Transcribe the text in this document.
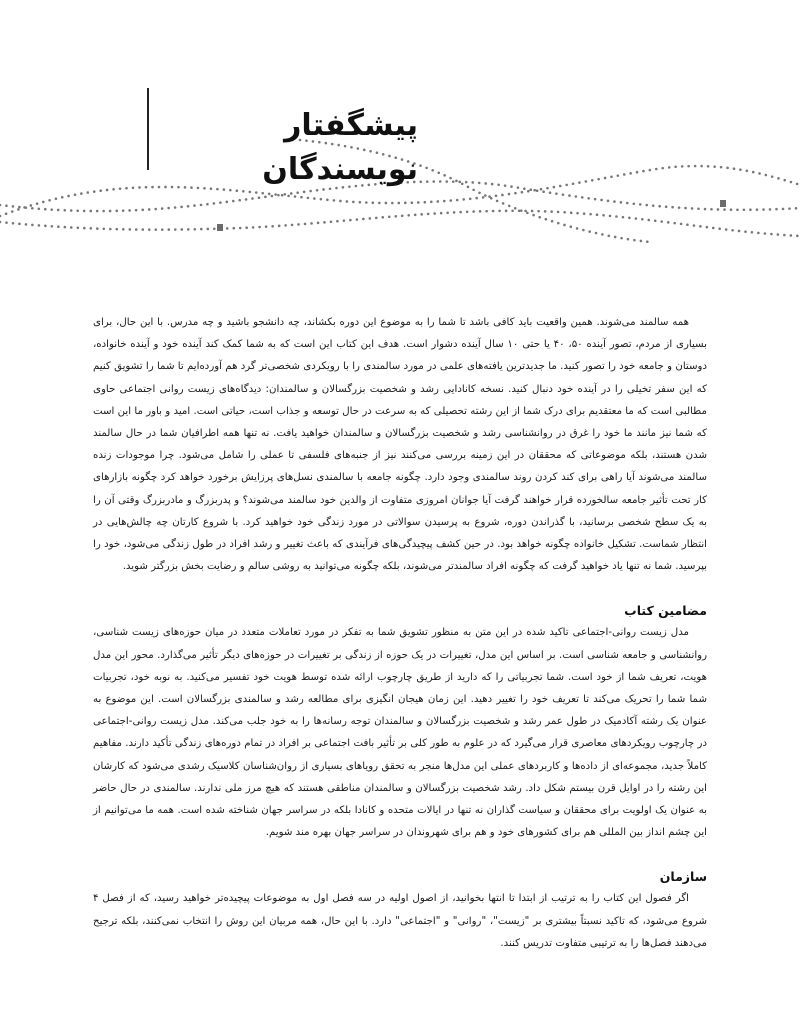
پیشگفتار نویسندگان

همه سالمند می‌شوند. همین واقعیت باید کافی باشد تا شما را به موضوع این دوره بکشاند، چه دانشجو باشید و چه مدرس. با این حال، برای بسیاری از مردم، تصور آینده ۵۰، ۴۰ یا حتی ۱۰ سال آینده دشوار است. هدف این کتاب این است که به شما کمک کند آینده خود و آینده خانواده، دوستان و جامعه خود را تصور کنید. ما جدیدترین یافته‌های علمی در مورد سالمندی را با رویکردی شخصی‌تر گرد هم آورده‌ایم تا شما را تشویق کنیم که این سفر تخیلی را در آینده خود دنبال کنید. نسخه کانادایی رشد و شخصیت بزرگسالان و سالمندان: دیدگاه‌های زیست روانی اجتماعی حاوی مطالبی است که ما معتقدیم برای درک شما از این رشته تحصیلی که به سرعت در حال توسعه و جذاب است، حیاتی است. امید و باور ما این است که شما نیز مانند ما خود را غرق در روانشناسی رشد و شخصیت بزرگسالان و سالمندان خواهید یافت. نه تنها همه اطرافیان شما در حال سالمند شدن هستند، بلکه موضوعاتی که محققان در این زمینه بررسی می‌کنند نیز از جنبه‌های فلسفی تا عملی را شامل می‌شود. چرا موجودات زنده سالمند می‌شوند آیا راهی برای کند کردن روند سالمندی وجود دارد. چگونه جامعه با سالمندی نسل‌های پرزایش برخورد خواهد کرد چگونه بازارهای کار تحت تأثیر جامعه سالخورده قرار خواهند گرفت آیا جوانان امروزی متفاوت از والدین خود سالمند می‌شوند؟ و پدربزرگ و مادربزرگ وقتی آن را به یک سطح شخصی برسانید، با گذراندن دوره، شروع به پرسیدن سوالاتی در مورد زندگی خود خواهید کرد. با شروع کارتان چه چالش‌هایی در انتظار شماست. تشکیل خانواده چگونه خواهد بود. در حین کشف پیچیدگی‌های فرآیندی که باعث تغییر و رشد افراد در طول زندگی می‌شود، خود را بپرسید. شما نه تنها یاد خواهید گرفت که چگونه افراد سالمندتر می‌شوند، بلکه چگونه می‌توانید به روشی سالم و رضایت بخش بزرگتر شوید.

مضامین کتاب

مدل زیست روانی-اجتماعی تاکید شده در این متن به منظور تشویق شما به تفکر در مورد تعاملات متعدد در میان حوزه‌های زیست شناسی، روانشناسی و جامعه شناسی است. بر اساس این مدل، تغییرات در یک حوزه از زندگی بر تغییرات در حوزه‌های دیگر تأثیر می‌گذارد. محور این مدل هویت، تعریف شما از خود است. شما تجربیاتی را که دارید از طریق چارچوب ارائه شده توسط هویت خود تفسیر می‌کنید. به نوبه خود، تجربیات شما شما را تحریک می‌کند تا تعریف خود را تغییر دهید. این زمان هیجان انگیزی برای مطالعه رشد و سالمندی بزرگسالان است. این موضوع به عنوان یک رشته آکادمیک در طول عمر رشد و شخصیت بزرگسالان و سالمندان توجه رسانه‌ها را به خود جلب می‌کند. مدل زیست روانی-اجتماعی در چارچوب رویکردهای معاصری قرار می‌گیرد که در علوم به طور کلی بر تأثیر بافت اجتماعی بر افراد در تمام دوره‌های زندگی تأکید دارند. مفاهیم کاملاً جدید، مجموعه‌ای از داده‌ها و کاربردهای عملی این مدل‌ها منجر به تحقق رویاهای بسیاری از روان‌شناسان کلاسیک رشدی می‌شود که کارشان این رشته را در اوایل قرن بیستم شکل داد. رشد شخصیت بزرگسالان و سالمندان مناطقی هستند که هیچ مرز ملی ندارند. سالمندی در حال حاضر به عنوان یک اولویت برای محققان و سیاست گذاران نه تنها در ایالات متحده و کانادا بلکه در سراسر جهان شناخته شده است. همه ما می‌توانیم از این چشم انداز بین المللی هم برای کشورهای خود و هم برای شهروندان در سراسر جهان بهره مند شویم.

سازمان

اگر فصول این کتاب را به ترتیب از ابتدا تا انتها بخوانید، از اصول اولیه در سه فصل اول به موضوعات پیچیده‌تر خواهید رسید، که از فصل ۴ شروع می‌شود، که تاکید نسبتاً بیشتری بر "زیست"، "روانی" و "اجتماعی" دارد. با این حال، همه مربیان این روش را انتخاب نمی‌کنند، بلکه ترجیح می‌دهند فصل‌ها را به ترتیبی متفاوت تدریس کنند.
